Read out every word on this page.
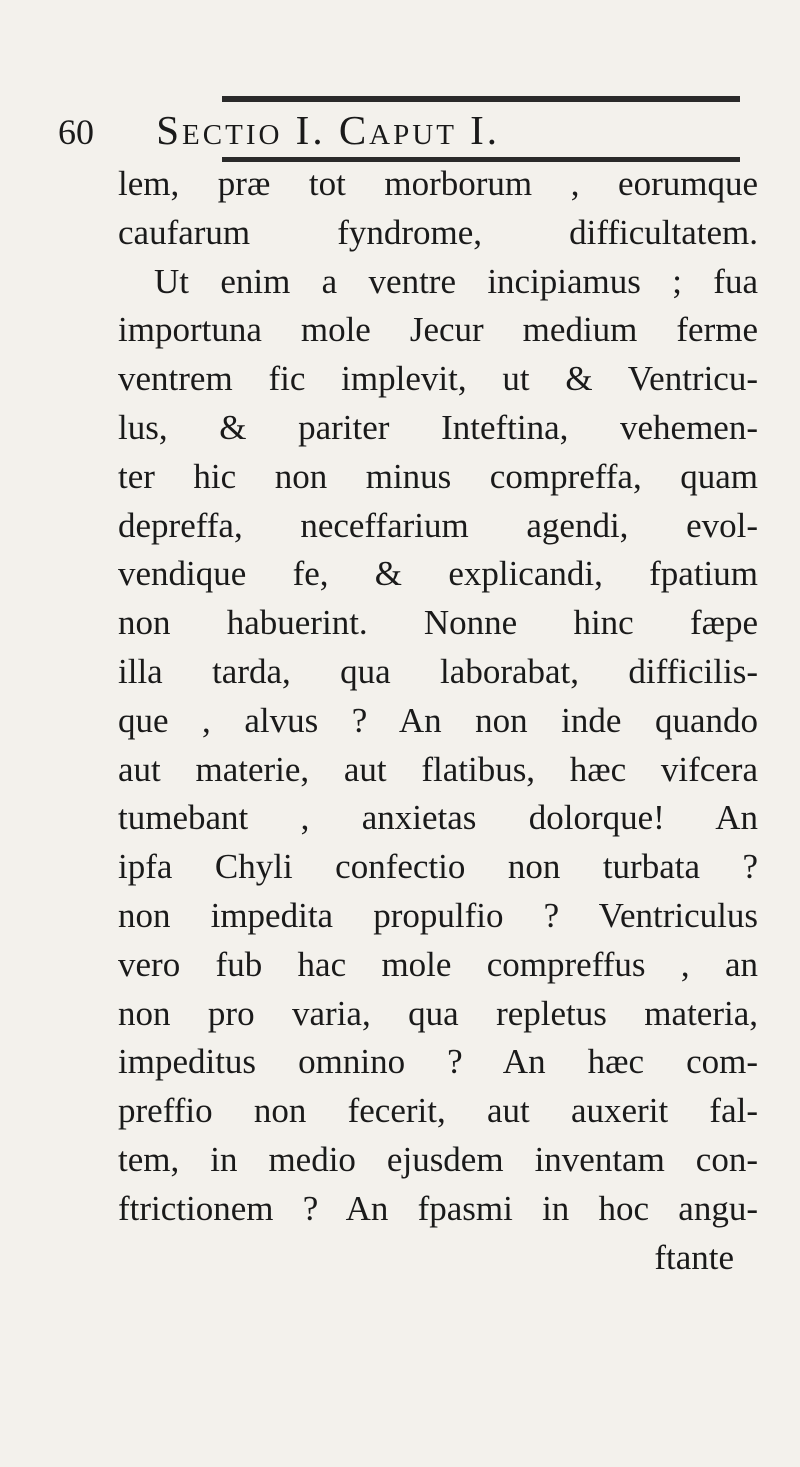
60 Sectio I. Caput I.
lem, præ tot morborum , eorumque
caufarum fyndrome, difficultatem.
Ut enim a ventre incipiamus ; fua
importuna mole Jecur medium ferme
ventrem fic implevit, ut & Ventricu-
lus, & pariter Inteftina, vehemen-
ter hic non minus compreffa, quam
depreffa, neceffarium agendi, evol-
vendique fe, & explicandi, fpatium
non habuerint. Nonne hinc fæpe
illa tarda, qua laborabat, difficilis-
que , alvus ? An non inde quando
aut materie, aut flatibus, hæc vifcera
tumebant , anxietas dolorque! An
ipfa Chyli confectio non turbata ?
non impedita propulfio ? Ventriculus
vero fub hac mole compreffus , an
non pro varia, qua repletus materia,
impeditus omnino ? An hæc com-
preffio non fecerit, aut auxerit fal-
tem, in medio ejusdem inventam con-
ftrictionem ? An fpasmi in hoc angu-
ftante
